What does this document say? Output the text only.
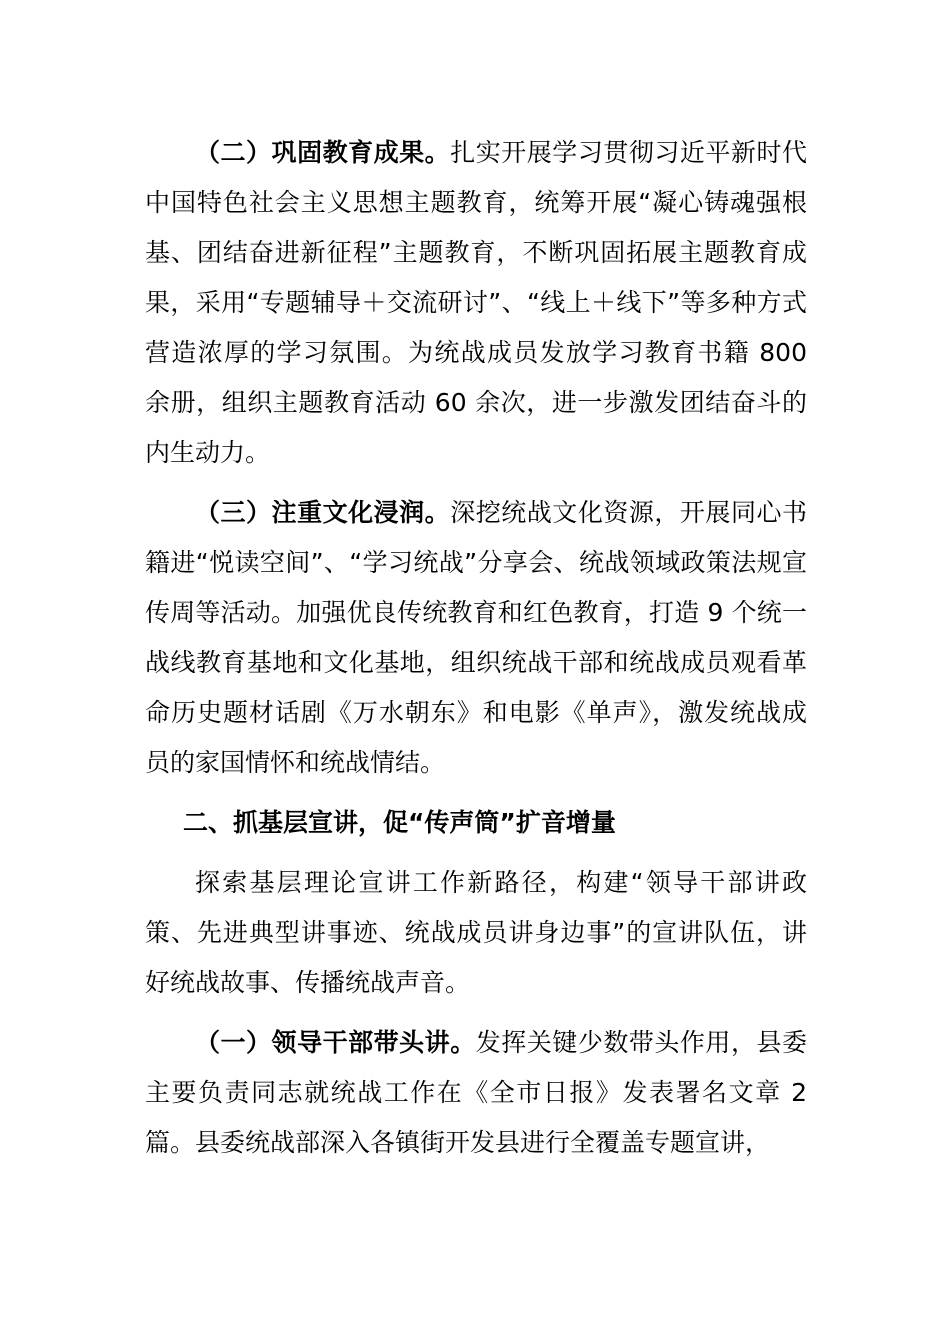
（二）巩固教育成果。扎实开展学习贯彻习近平新时代中国特色社会主义思想主题教育，统筹开展“凝心铸魂强根基、团结奋进新征程”主题教育，不断巩固拓展主题教育成果，采用“专题辅导＋交流研讨”、“线上＋线下”等多种方式营造浓厚的学习氛围。为统战成员发放学习教育书籍 800 余册，组织主题教育活动 60 余次，进一步激发团结奋斗的内生动力。

（三）注重文化浸润。深挖统战文化资源，开展同心书籍进“悦读空间”、“学习统战”分享会、统战领域政策法规宣传周等活动。加强优良传统教育和红色教育，打造 9 个统一战线教育基地和文化基地，组织统战干部和统战成员观看革命历史题材话剧《万水朝东》和电影《单声》，激发统战成员的家国情怀和统战情结。

二、抓基层宣讲，促“传声筒”扩音增量

探索基层理论宣讲工作新路径，构建“领导干部讲政策、先进典型讲事迹、统战成员讲身边事”的宣讲队伍，讲好统战故事、传播统战声音。

（一）领导干部带头讲。发挥关键少数带头作用，县委主要负责同志就统战工作在《全市日报》发表署名文章 2 篇。县委统战部深入各镇街开发县进行全覆盖专题宣讲，
